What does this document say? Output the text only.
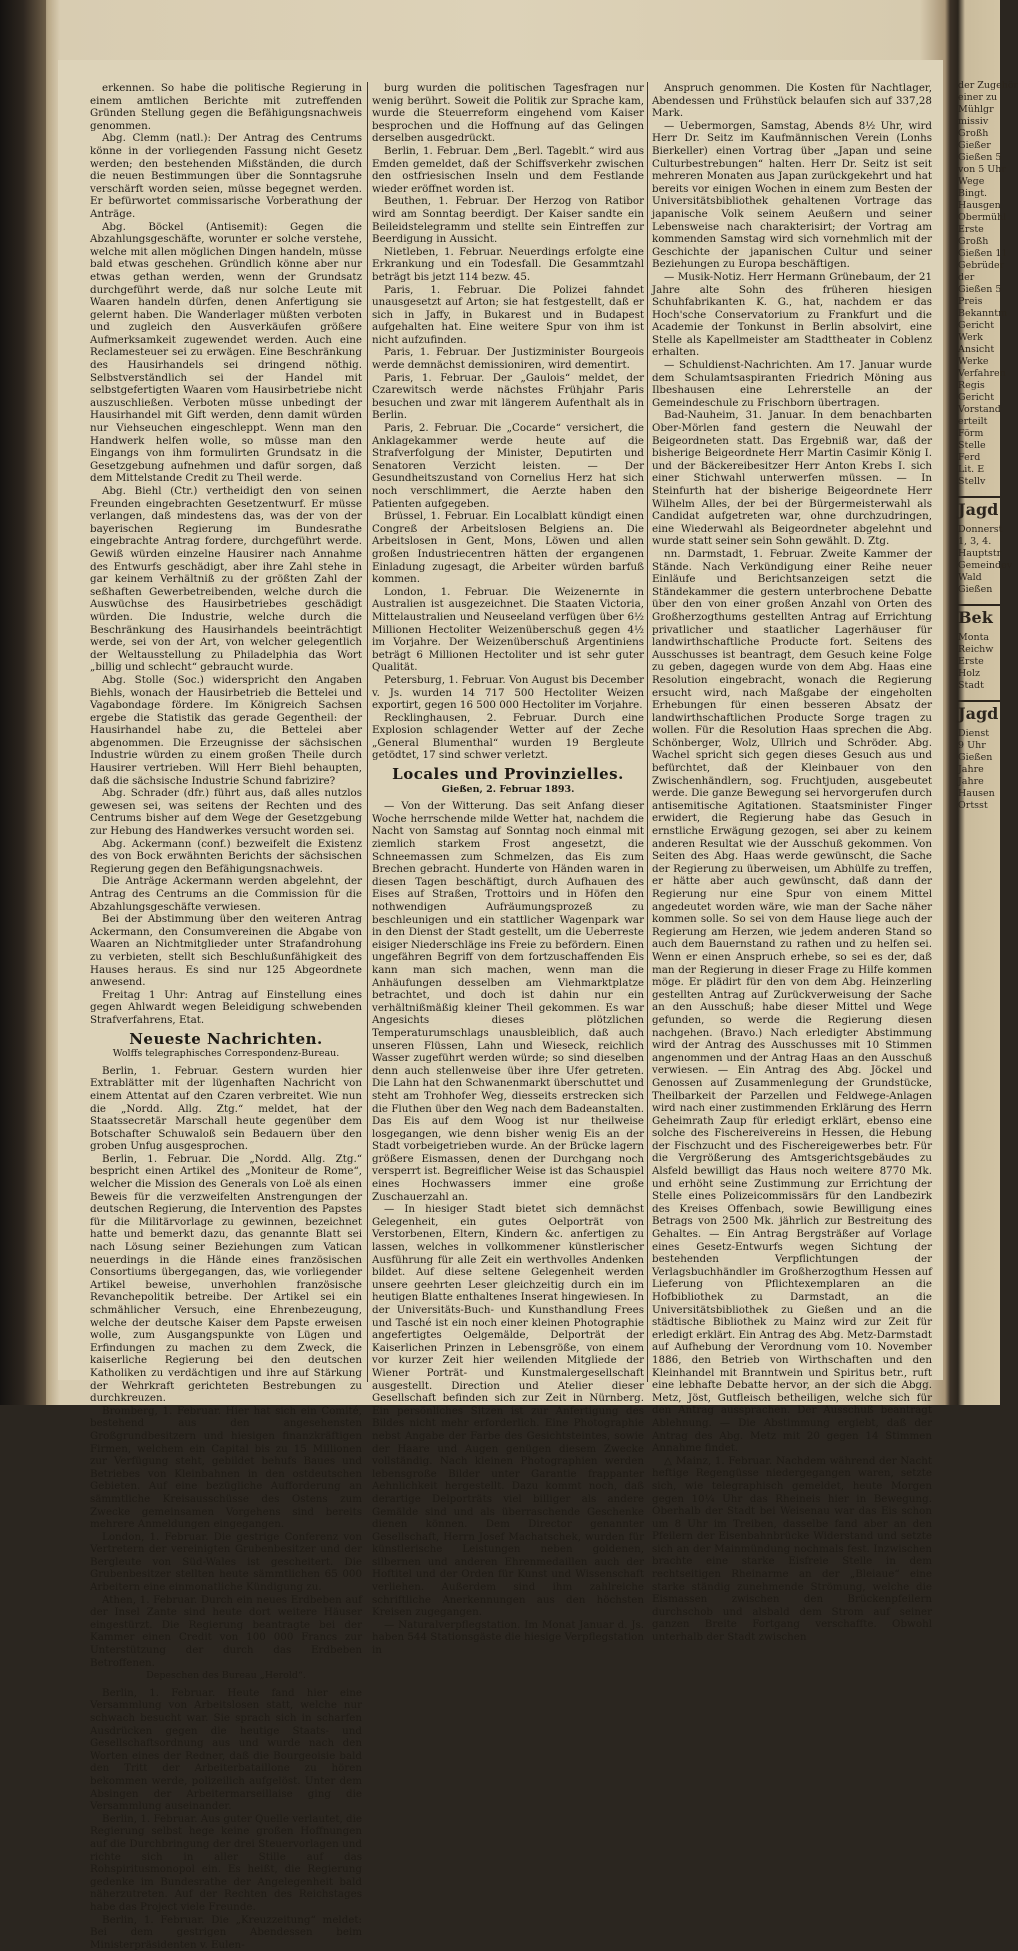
erkennen. So habe die politische Regierung in einem amtlichen Berichte mit zutreffenden Gründen Stellung gegen die Befähigungsnachweis genommen.

Abg. Clemm (natl.): Der Antrag des Centrums könne in der vorliegenden Fassung nicht Gesetz werden; den bestehenden Mißständen, die durch die neuen Bestimmungen über die Sonntagsruhe verschärft worden seien, müsse begegnet werden. Er befürwortet commissarische Vorberathung der Anträge.

Abg. Böckel (Antisemit): Gegen die Abzahlungsgeschäfte, worunter er solche verstehe, welche mit allen möglichen Dingen handeln, müsse bald etwas geschehen. Gründlich könne aber nur etwas gethan werden, wenn der Grundsatz durchgeführt werde, daß nur solche Leute mit Waaren handeln dürfen, denen Anfertigung sie gelernt haben. Die Wanderlager müßten verboten und zugleich den Ausverkäufen größere Aufmerksamkeit zugewendet werden. Auch eine Reclamesteuer sei zu erwägen. Eine Beschränkung des Hausirhandels sei dringend nöthig. Selbstverständlich sei der Handel mit selbstgefertigten Waaren vom Hausirbetriebe nicht auszuschließen. Verboten müsse unbedingt der Hausirhandel mit Gift werden, denn damit würden nur Viehseuchen eingeschleppt. Wenn man den Handwerk helfen wolle, so müsse man den Eingangs von ihm formulirten Grundsatz in die Gesetzgebung aufnehmen und dafür sorgen, daß dem Mittelstande Credit zu Theil werde.

Abg. Biehl (Ctr.) vertheidigt den von seinen Freunden eingebrachten Gesetzentwurf. Er müsse verlangen, daß mindestens das, was der von der bayerischen Regierung im Bundesrathe eingebrachte Antrag fordere, durchgeführt werde. Gewiß würden einzelne Hausirer nach Annahme des Entwurfs geschädigt, aber ihre Zahl stehe in gar keinem Verhältniß zu der größten Zahl der seßhaften Gewerbetreibenden, welche durch die Auswüchse des Hausirbetriebes geschädigt würden. Die Industrie, welche durch die Beschränkung des Hausirhandels beeinträchtigt werde, sei von der Art, von welcher gelegentlich der Weltausstellung zu Philadelphia das Wort „billig und schlecht“ gebraucht wurde.

Abg. Stolle (Soc.) widerspricht den Angaben Biehls, wonach der Hausirbetrieb die Bettelei und Vagabondage fördere. Im Königreich Sachsen ergebe die Statistik das gerade Gegentheil: der Hausirhandel habe zu, die Bettelei aber abgenommen. Die Erzeugnisse der sächsischen Industrie würden zu einem großen Theile durch Hausirer vertrieben. Will Herr Biehl behaupten, daß die sächsische Industrie Schund fabrizire?

Abg. Schrader (dfr.) führt aus, daß alles nutzlos gewesen sei, was seitens der Rechten und des Centrums bisher auf dem Wege der Gesetzgebung zur Hebung des Handwerkes versucht worden sei.

Abg. Ackermann (conf.) bezweifelt die Existenz des von Bock erwähnten Berichts der sächsischen Regierung gegen den Befähigungsnachweis.

Die Anträge Ackermann werden abgelehnt, der Antrag des Centrums an die Commission für die Abzahlungsgeschäfte verwiesen.

Bei der Abstimmung über den weiteren Antrag Ackermann, den Consumvereinen die Abgabe von Waaren an Nichtmitglieder unter Strafandrohung zu verbieten, stellt sich Beschlußunfähigkeit des Hauses heraus. Es sind nur 125 Abgeordnete anwesend.

Freitag 1 Uhr: Antrag auf Einstellung eines gegen Ahlwardt wegen Beleidigung schwebenden Strafverfahrens, Etat.

Neueste Nachrichten.
Wolffs telegraphisches Correspondenz-Bureau.

Berlin, 1. Februar. Gestern wurden hier Extrablätter mit der lügenhaften Nachricht von einem Attentat auf den Czaren verbreitet. Wie nun die „Nordd. Allg. Ztg.“ meldet, hat der Staatssecretär Marschall heute gegenüber dem Botschafter Schuwaloß sein Bedauern über den groben Unfug ausgesprochen.

Berlin, 1. Februar. Die „Nordd. Allg. Ztg.“ bespricht einen Artikel des „Moniteur de Rome“, welcher die Mission des Generals von Loë als einen Beweis für die verzweifelten Anstrengungen der deutschen Regierung, die Intervention des Papstes für die Militärvorlage zu gewinnen, bezeichnet hatte und bemerkt dazu, das genannte Blatt sei nach Lösung seiner Beziehungen zum Vatican neuerdings in die Hände eines französischen Consortiums übergegangen, das, wie vorliegender Artikel beweise, unverhohlen französische Revanchepolitik betreibe. Der Artikel sei ein schmählicher Versuch, eine Ehrenbezeugung, welche der deutsche Kaiser dem Papste erweisen wolle, zum Ausgangspunkte von Lügen und Erfindungen zu machen zu dem Zweck, die kaiserliche Regierung bei den deutschen Katholiken zu verdächtigen und ihre auf Stärkung der Wehrkraft gerichteten Bestrebungen zu durchkreuzen.

Bromberg, 1. Februar. Hier hat sich ein Comité, bestehend aus den angesehensten Großgrundbesitzern und hiesigen finanzkräftigen Firmen, welchem ein Capital bis zu 15 Millionen zur Verfügung steht, gebildet behufs Baues und Betriebes von Kleinbahnen in den ostdeutschen Gebieten. Auf eine bezügliche Aufforderung an sämmtliche Kreisausschüsse des Ostens zum Zwecke gemeinsamen Vorgehens sind bereits mehrere Anmeldungen eingegangen.

London, 1. Februar. Die gestrige Conferenz von Vertretern der vereinigten Grubenbesitzer und der Bergleute von Süd-Wales ist gescheitert. Die Grubenbesitzer stellten heute sämmtlichen 65 000 Arbeitern eine einmonatliche Kündigung zu.

Athen, 1. Februar. Durch ein neues Erdbeben auf der Insel Zante sind heute dort weitere Häuser eingestürzt. Die Regierung beantragte bei der Kammer einen Credit von 100 000 Francs zur Unterstützung der durch das Erdbeben Betroffenen.

Depeschen des Bureau „Herold“.

Berlin, 1. Februar. Heute fand hier eine Versammlung von Arbeitslosen statt, welche nur schwach besucht war. Sie sprach sich in scharfen Ausdrücken gegen die heutige Staats- und Gesellschaftsordnung aus und wurde nach den Worten eines der Redner, daß die Bourgeoisie bald den Tritt der Arbeiterbataillone zu hören bekommen werde, polizeilich aufgelöst. Unter dem Absingen der Arbeitermarseillaise ging die Versammlung auseinander.

Berlin, 1. Februar. Aus guter Quelle verlautet, die Regierung selbst hege keine großen Hoffnungen auf die Durchbringung der drei Steuervorlagen und richte sich in aller Stille auf das Rohspiritusmonopol ein. Es heißt, die Regierung gedenke im Bundesrathe der Angelegenheit bald näherzutreten. Auf der Rechten des Reichstages habe das Project viele Freunde.

Berlin, 1. Februar. Die „Kreuzzeitung“ meldet: Bei dem gestrigen Abendessen beim Ministerpräsidenten v. Eulen-

burg wurden die politischen Tagesfragen nur wenig berührt. Soweit die Politik zur Sprache kam, wurde die Steuerreform eingehend vom Kaiser besprochen und die Hoffnung auf das Gelingen derselben ausgedrückt.

Berlin, 1. Februar. Dem „Berl. Tageblt.“ wird aus Emden gemeldet, daß der Schiffsverkehr zwischen den ostfriesischen Inseln und dem Festlande wieder eröffnet worden ist.

Beuthen, 1. Februar. Der Herzog von Ratibor wird am Sonntag beerdigt. Der Kaiser sandte ein Beileidstelegramm und stellte sein Eintreffen zur Beerdigung in Aussicht.

Nietleben, 1. Februar. Neuerdings erfolgte eine Erkrankung und ein Todesfall. Die Gesammtzahl beträgt bis jetzt 114 bezw. 45.

Paris, 1. Februar. Die Polizei fahndet unausgesetzt auf Arton; sie hat festgestellt, daß er sich in Jaffy, in Bukarest und in Budapest aufgehalten hat. Eine weitere Spur von ihm ist nicht aufzufinden.

Paris, 1. Februar. Der Justizminister Bourgeois werde demnächst demissioniren, wird dementirt.

Paris, 1. Februar. Der „Gaulois“ meldet, der Czarewitsch werde nächstes Frühjahr Paris besuchen und zwar mit längerem Aufenthalt als in Berlin.

Paris, 2. Februar. Die „Cocarde“ versichert, die Anklagekammer werde heute auf die Strafverfolgung der Minister, Deputirten und Senatoren Verzicht leisten. — Der Gesundheitszustand von Cornelius Herz hat sich noch verschlimmert, die Aerzte haben den Patienten aufgegeben.

Brüssel, 1. Februar. Ein Localblatt kündigt einen Congreß der Arbeitslosen Belgiens an. Die Arbeitslosen in Gent, Mons, Löwen und allen großen Industriecentren hätten der ergangenen Einladung zugesagt, die Arbeiter würden barfuß kommen.

London, 1. Februar. Die Weizenernte in Australien ist ausgezeichnet. Die Staaten Victoria, Mittelaustralien und Neuseeland verfügen über 6½ Millionen Hectoliter Weizenüberschuß gegen 4½ im Vorjahre. Der Weizenüberschuß Argentiniens beträgt 6 Millionen Hectoliter und ist sehr guter Qualität.

Petersburg, 1. Februar. Von August bis December v. Js. wurden 14 717 500 Hectoliter Weizen exportirt, gegen 16 500 000 Hectoliter im Vorjahre.

Recklinghausen, 2. Februar. Durch eine Explosion schlagender Wetter auf der Zeche „General Blumenthal“ wurden 19 Bergleute getödtet, 17 sind schwer verletzt.

Locales und Provinzielles.
Gießen, 2. Februar 1893.

— Von der Witterung. Das seit Anfang dieser Woche herrschende milde Wetter hat, nachdem die Nacht von Samstag auf Sonntag noch einmal mit ziemlich starkem Frost angesetzt, die Schneemassen zum Schmelzen, das Eis zum Brechen gebracht. Hunderte von Händen waren in diesen Tagen beschäftigt, durch Aufhauen des Eises auf Straßen, Trottoirs und in Höfen den nothwendigen Aufräumungsprozeß zu beschleunigen und ein stattlicher Wagenpark war in den Dienst der Stadt gestellt, um die Ueberreste eisiger Niederschläge ins Freie zu befördern. Einen ungefähren Begriff von dem fortzuschaffenden Eis kann man sich machen, wenn man die Anhäufungen desselben am Viehmarktplatze betrachtet, und doch ist dahin nur ein verhältnißmäßig kleiner Theil gekommen. Es war Angesichts dieses plötzlichen Temperaturumschlags unausbleiblich, daß auch unseren Flüssen, Lahn und Wieseck, reichlich Wasser zugeführt werden würde; so sind dieselben denn auch stellenweise über ihre Ufer getreten. Die Lahn hat den Schwanenmarkt überschuttet und steht am Trohhofer Weg, diesseits erstrecken sich die Fluthen über den Weg nach dem Badeanstalten. Das Eis auf dem Woog ist nur theilweise losgegangen, wie denn bisher wenig Eis an der Stadt vorbeigetrieben wurde. An der Brücke lagern größere Eismassen, denen der Durchgang noch versperrt ist. Begreiflicher Weise ist das Schauspiel eines Hochwassers immer eine große Zuschauerzahl an.

— In hiesiger Stadt bietet sich demnächst Gelegenheit, ein gutes Oelporträt von Verstorbenen, Eltern, Kindern &c. anfertigen zu lassen, welches in vollkommener künstlerischer Ausführung für alle Zeit ein werthvolles Andenken bildet. Auf diese seltene Gelegenheit werden unsere geehrten Leser gleichzeitig durch ein im heutigen Blatte enthaltenes Inserat hingewiesen. In der Universitäts-Buch- und Kunsthandlung Frees und Tasché ist ein noch einer kleinen Photographie angefertigtes Oelgemälde, Delporträt der Kaiserlichen Prinzen in Lebensgröße, von einem vor kurzer Zeit hier weilenden Mitgliede der Wiener Porträt- und Kunstmalergesellschaft ausgestellt. Direction und Atelier dieser Gesellschaft befinden sich zur Zeit in Nürnberg. Ein persönliches Sitzen ist zur Anfertigung des Bildes nicht mehr erforderlich. Eine Photographie nebst Angabe der Farbe des Gesichtsteintes, sowie der Haare und Augen genügen diesem Zwecke vollständig. Nach kleinen Photographien werden lebensgroße Bilder unter Garantie frappanter Aehnlichkeit hergestellt. Dazu kommt noch, daß derartige Delporträts viel billiger als andere Gemälde sind und als überraschende Geschenke dienen können. Dem Director genannter Gesellschaft, Herrn Josef Machatschek, wurden für künstlerische Leistungen neben goldenen, silbernen und anderen Ehrenmedaillen auch der Hoftitel und der Orden für Kunst und Wissenschaft verliehen. Außerdem sind ihm zahlreiche schriftliche Anerkennungen aus den höchsten Kreisen zugegangen.

— Naturalverpflegstation. Im Monat Januar d. Js. haben 544 Stationsgäste die hiesige Verpflegstation in

Anspruch genommen. Die Kosten für Nachtlager, Abendessen und Frühstück belaufen sich auf 337,28 Mark.

— Uebermorgen, Samstag, Abends 8½ Uhr, wird Herr Dr. Seitz im Kaufmännischen Verein (Lonhs Bierkeller) einen Vortrag über „Japan und seine Culturbestrebungen“ halten. Herr Dr. Seitz ist seit mehreren Monaten aus Japan zurückgekehrt und hat bereits vor einigen Wochen in einem zum Besten der Universitätsbibliothek gehaltenen Vortrage das japanische Volk seinem Aeußern und seiner Lebensweise nach charakterisirt; der Vortrag am kommenden Samstag wird sich vornehmlich mit der Geschichte der japanischen Cultur und seiner Beziehungen zu Europa beschäftigen.

— Musik-Notiz. Herr Hermann Grünebaum, der 21 Jahre alte Sohn des früheren hiesigen Schuhfabrikanten K. G., hat, nachdem er das Hoch'sche Conservatorium zu Frankfurt und die Academie der Tonkunst in Berlin absolvirt, eine Stelle als Kapellmeister am Stadttheater in Coblenz erhalten.

— Schuldienst-Nachrichten. Am 17. Januar wurde dem Schulamtsaspiranten Friedrich Möning aus Ilbeshausen eine Lehrerstelle an der Gemeindeschule zu Frischborn übertragen.

Bad-Nauheim, 31. Januar. In dem benachbarten Ober-Mörlen fand gestern die Neuwahl der Beigeordneten statt. Das Ergebniß war, daß der bisherige Beigeordnete Herr Martin Casimir König I. und der Bäckereibesitzer Herr Anton Krebs I. sich einer Stichwahl unterwerfen müssen. — In Steinfurth hat der bisherige Beigeordnete Herr Wilhelm Alles, der bei der Bürgermeisterwahl als Candidat aufgetreten war, ohne durchzudringen, eine Wiederwahl als Beigeordneter abgelehnt und wurde statt seiner sein Sohn gewählt. D. Ztg.

nn. Darmstadt, 1. Februar. Zweite Kammer der Stände. Nach Verkündigung einer Reihe neuer Einläufe und Berichtsanzeigen setzt die Ständekammer die gestern unterbrochene Debatte über den von einer großen Anzahl von Orten des Großherzogthums gestellten Antrag auf Errichtung privatlicher und staatlicher Lagerhäuser für landwirthschaftliche Producte fort. Seitens des Ausschusses ist beantragt, dem Gesuch keine Folge zu geben, dagegen wurde von dem Abg. Haas eine Resolution eingebracht, wonach die Regierung ersucht wird, nach Maßgabe der eingeholten Erhebungen für einen besseren Absatz der landwirthschaftlichen Producte Sorge tragen zu wollen. Für die Resolution Haas sprechen die Abg. Schönberger, Wolz, Ullrich und Schröder. Abg. Wachel spricht sich gegen dieses Gesuch aus und befürchtet, daß der Kleinbauer von den Zwischenhändlern, sog. Fruchtjuden, ausgebeutet werde. Die ganze Bewegung sei hervorgerufen durch antisemitische Agitationen. Staatsminister Finger erwidert, die Regierung habe das Gesuch in ernstliche Erwägung gezogen, sei aber zu keinem anderen Resultat wie der Ausschuß gekommen. Von Seiten des Abg. Haas werde gewünscht, die Sache der Regierung zu überweisen, um Abhülfe zu treffen, er hätte aber auch gewünscht, daß dann der Regierung nur eine Spur von einem Mittel angedeutet worden wäre, wie man der Sache näher kommen solle. So sei von dem Hause liege auch der Regierung am Herzen, wie jedem anderen Stand so auch dem Bauernstand zu rathen und zu helfen sei. Wenn er einen Anspruch erhebe, so sei es der, daß man der Regierung in dieser Frage zu Hilfe kommen möge. Er plädirt für den von dem Abg. Heinzerling gestellten Antrag auf Zurückverweisung der Sache an den Ausschuß; habe dieser Mittel und Wege gefunden, so werde die Regierung diesen nachgehen. (Bravo.) Nach erledigter Abstimmung wird der Antrag des Ausschusses mit 10 Stimmen angenommen und der Antrag Haas an den Ausschuß verwiesen. — Ein Antrag des Abg. Jöckel und Genossen auf Zusammenlegung der Grundstücke, Theilbarkeit der Parzellen und Feldwege-Anlagen wird nach einer zustimmenden Erklärung des Herrn Geheimrath Zaup für erledigt erklärt, ebenso eine solche des Fischereivereins in Hessen, die Hebung der Fischzucht und des Fischereigewerbes betr. Für die Vergrößerung des Amtsgerichtsgebäudes zu Alsfeld bewilligt das Haus noch weitere 8770 Mk. und erhöht seine Zustimmung zur Errichtung der Stelle eines Polizeicommissärs für den Landbezirk des Kreises Offenbach, sowie Bewilligung eines Betrags von 2500 Mk. jährlich zur Bestreitung des Gehaltes. — Ein Antrag Bergsträßer auf Vorlage eines Gesetz-Entwurfs wegen Sichtung der bestehenden Verpflichtungen der Verlagsbuchhändler im Großherzogthum Hessen auf Lieferung von Pflichtexemplaren an die Hofbibliothek zu Darmstadt, an die Universitätsbibliothek zu Gießen und an die städtische Bibliothek zu Mainz wird zur Zeit für erledigt erklärt. Ein Antrag des Abg. Metz-Darmstadt auf Aufhebung der Verordnung vom 10. November 1886, den Betrieb von Wirthschaften und den Kleinhandel mit Branntwein und Spiritus betr., ruft eine lebhafte Debatte hervor, an der sich die Abgg. Metz, Jöst, Gutfleisch betheiligen, welche sich für den Antrag aussprachen. Der Ausschuß beantragt Ablehnung. — Die Abstimmung ergiebt, daß der Antrag des Abg. Metz mit 20 gegen 14 Stimmen Annahme findet.

△ Mainz, 1. Februar. Nachdem während der Nacht heftige Regengüsse niedergegangen waren, setzte sich, wie telegraphisch gemeldet, heute Morgen gegen 10¼ Uhr das Rheineis hier in Bewegung. Oberhalb der Stadt bei Weisenau war das Eis schon um 8 Uhr im Treiben, dasselbe fand aber an den Pfeilern der Eisenbahnbrücke Widerstand und setzte sich an der Mainmündung nochmals fest. Inzwischen brachte eine starke Eisfreie Stelle in dem rechtseitigen Rheinarme an der „Bleiaue“ eine starke ständig zunehmende Strömung, welche die Eismassen zwischen den Brückenpfeilern durchschob und alsbald dem Strom auf seiner ganzen Breite Fortgang verschaffte. Obwohl unterhalb der Stadt zwischen

der Zugehör
einer zu
Mühlgr
missiv
Großh
Gießer
Gießen 5
von 5 Uhr
Wege
Bingt.
Hausgen
Obermühl
Erste
Großh
Gießen 11
Gebrüder
der
Gießen 5
Preis
Bekanntm
Gericht
Werk
Ansicht
Werke
Verfahren
Regis
Gericht
Vorstand
erteilt
Förm
Stelle
Ferd
Lit. E
Stellv
Jagd
Donnerst
1, 3, 4.
Hauptstr
Gemeindev
Wald
Gießen
Bek
Monta
Reichw
Erste
Holz
Stadt
Jagd
Dienst
9 Uhr
Gießen
Jahre
Jahre
Hausen
Ortsst
